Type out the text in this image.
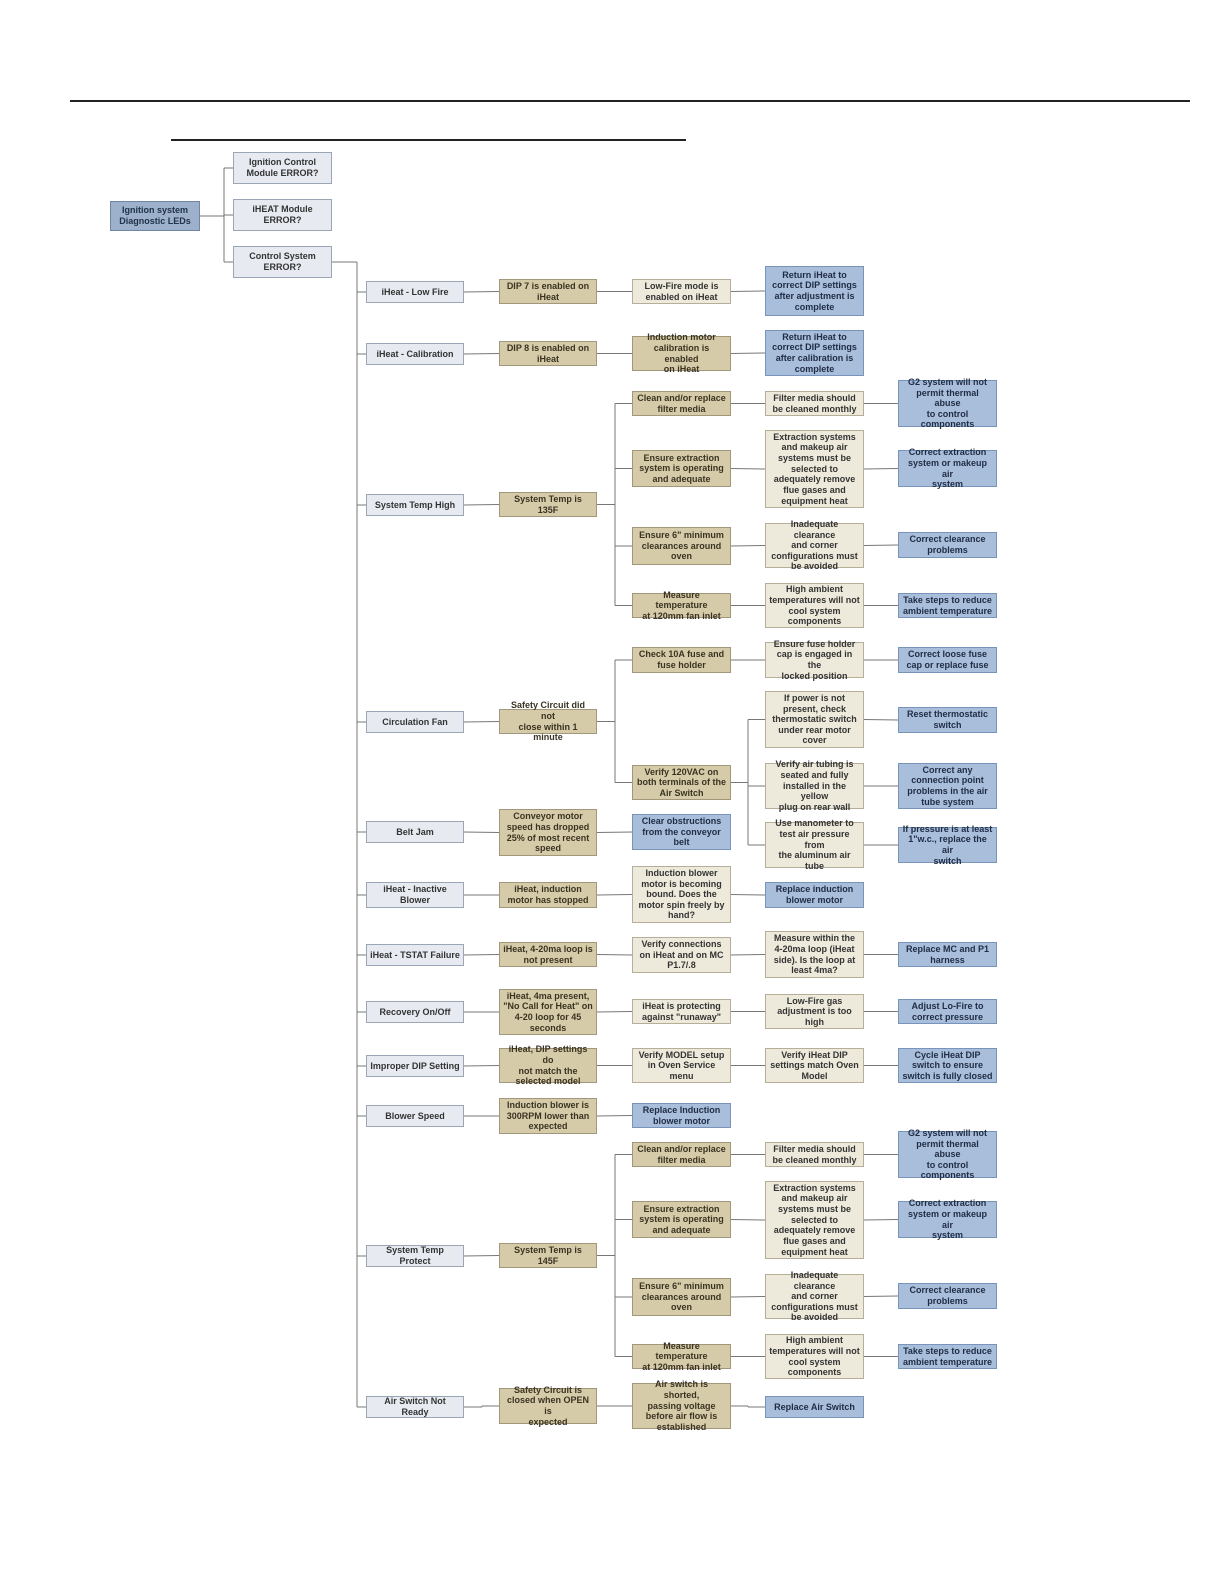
Ignition system
Diagnostic LEDs
Ignition Control
Module ERROR?
iHEAT Module
ERROR?
Control System
ERROR?
iHeat - Low Fire
DIP 7 is enabled on
iHeat
Low-Fire mode is
enabled on iHeat
Return iHeat to
correct DIP settings
after adjustment is
complete
iHeat - Calibration
DIP 8 is enabled on
iHeat
Induction motor
calibration is enabled
on iHeat
Return iHeat to
correct DIP settings
after calibration is
complete
System Temp High
System Temp is 135F
Clean and/or replace
filter media
Filter media should
be cleaned monthly
G2 system will not
permit thermal abuse
to control
components
Ensure extraction
system is operating
and adequate
Extraction systems
and makeup air
systems must be
selected to
adequately remove
flue gases and
equipment heat
Correct extraction
system or makeup air
system
Ensure 6" minimum
clearances around
oven
Inadequate clearance
and corner
configurations must
be avoided
Correct clearance
problems
Measure temperature
at 120mm fan inlet
High ambient
temperatures will not
cool system
components
Take steps to reduce
ambient temperature
Circulation Fan
Safety Circuit did not
close within 1 minute
Check 10A fuse and
fuse holder
Ensure fuse holder
cap is engaged in the
locked position
Correct loose fuse
cap or replace fuse
Verify 120VAC on
both terminals of the
Air Switch
If power is not
present, check
thermostatic switch
under rear motor
cover
Reset thermostatic
switch
Verify air tubing is
seated and fully
installed in the yellow
plug on rear wall
Correct any
connection point
problems in the air
tube system
Use manometer to
test air pressure from
the aluminum air
tube
If pressure is at least
1"w.c., replace the air
switch
Belt Jam
Conveyor motor
speed has dropped
25% of most recent
speed
Clear obstructions
from the conveyor
belt
iHeat - Inactive
Blower
iHeat, induction
motor has stopped
Induction blower
motor is becoming
bound. Does the
motor spin freely by
hand?
Replace induction
blower motor
iHeat - TSTAT Failure
iHeat, 4-20ma loop is
not present
Verify connections
on iHeat and on MC
P1.7/.8
Measure within the
4-20ma loop (iHeat
side). Is the loop at
least 4ma?
Replace MC and P1
harness
Recovery On/Off
iHeat, 4ma present,
"No Call for Heat" on
4-20 loop for 45
seconds
iHeat is protecting
against "runaway"
Low-Fire gas
adjustment is too
high
Adjust Lo-Fire to
correct pressure
Improper DIP Setting
iHeat, DIP settings do
not match the
selected model
Verify MODEL setup
in Oven Service
menu
Verify iHeat DIP
settings match Oven
Model
Cycle iHeat DIP
switch to ensure
switch is fully closed
Blower Speed
Induction blower is
300RPM lower than
expected
Replace Induction
blower motor
System Temp Protect
System Temp is 145F
Clean and/or replace
filter media
Filter media should
be cleaned monthly
G2 system will not
permit thermal abuse
to control
components
Ensure extraction
system is operating
and adequate
Extraction systems
and makeup air
systems must be
selected to
adequately remove
flue gases and
equipment heat
Correct extraction
system or makeup air
system
Ensure 6" minimum
clearances around
oven
Inadequate clearance
and corner
configurations must
be avoided
Correct clearance
problems
Measure temperature
at 120mm fan inlet
High ambient
temperatures will not
cool system
components
Take steps to reduce
ambient temperature
Air Switch Not Ready
Safety Circuit is
closed when OPEN is
expected
Air switch is shorted,
passing voltage
before air flow is
established
Replace Air Switch
